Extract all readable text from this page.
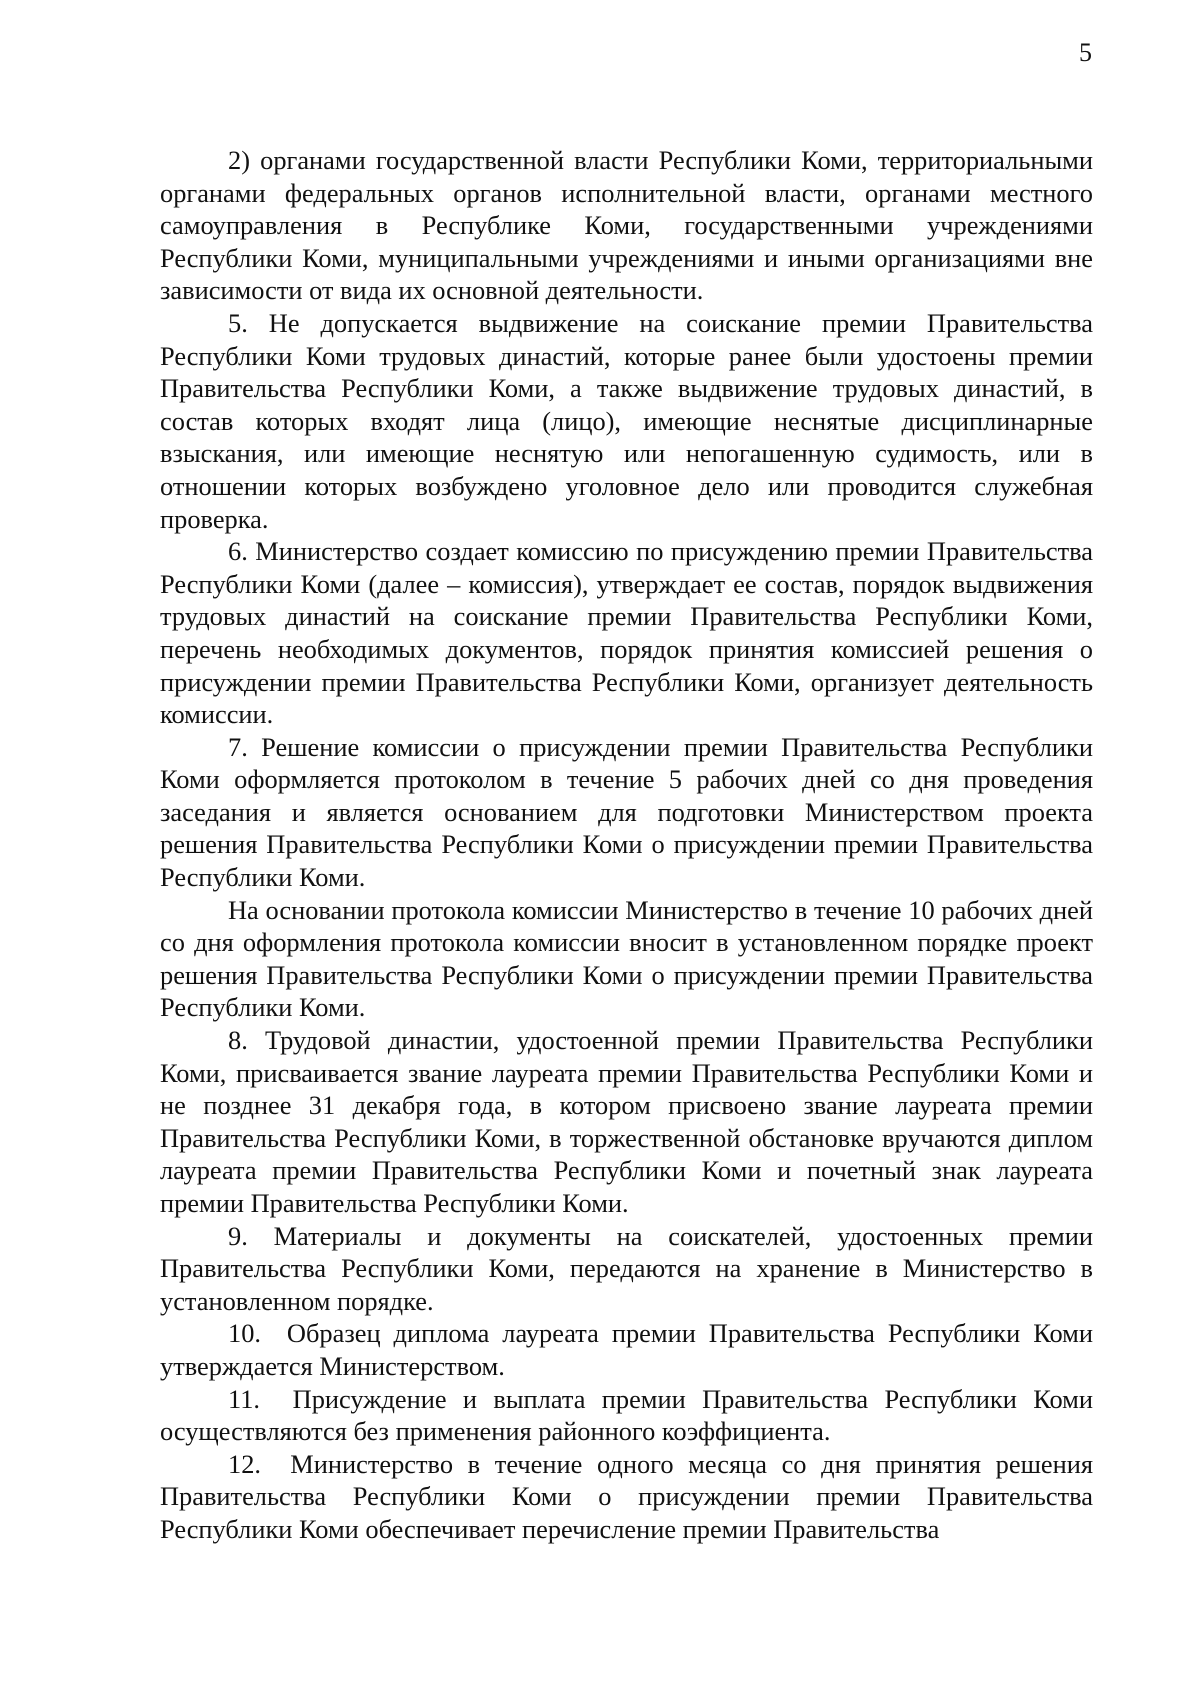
5

2) органами государственной власти Республики Коми, территориальными органами федеральных органов исполнительной власти, органами местного самоуправления в Республике Коми, государственными учреждениями Республики Коми, муниципальными учреждениями и иными организациями вне зависимости от вида их основной деятельности.

5. Не допускается выдвижение на соискание премии Правительства Республики Коми трудовых династий, которые ранее были удостоены премии Правительства Республики Коми, а также выдвижение трудовых династий, в состав которых входят лица (лицо), имеющие неснятые дисциплинарные взыскания, или имеющие неснятую или непогашенную судимость, или в отношении которых возбуждено уголовное дело или проводится служебная проверка.

6. Министерство создает комиссию по присуждению премии Правительства Республики Коми (далее – комиссия), утверждает ее состав, порядок выдвижения трудовых династий на соискание премии Правительства Республики Коми, перечень необходимых документов, порядок принятия комиссией решения о присуждении премии Правительства Республики Коми, организует деятельность комиссии.

7. Решение комиссии о присуждении премии Правительства Республики Коми оформляется протоколом в течение 5 рабочих дней со дня проведения заседания и является основанием для подготовки Министерством проекта решения Правительства Республики Коми о присуждении премии Правительства Республики Коми.

На основании протокола комиссии Министерство в течение 10 рабочих дней со дня оформления протокола комиссии вносит в установленном порядке проект решения Правительства Республики Коми о присуждении премии Правительства Республики Коми.

8. Трудовой династии, удостоенной премии Правительства Республики Коми, присваивается звание лауреата премии Правительства Республики Коми и не позднее 31 декабря года, в котором присвоено звание лауреата премии Правительства Республики Коми, в торжественной обстановке вручаются диплом лауреата премии Правительства Республики Коми и почетный знак лауреата премии Правительства Республики Коми.

9. Материалы и документы на соискателей, удостоенных премии Правительства Республики Коми, передаются на хранение в Министерство в установленном порядке.

10.  Образец диплома лауреата премии Правительства Республики Коми утверждается Министерством.

11.  Присуждение и выплата премии Правительства Республики Коми осуществляются без применения районного коэффициента.

12.  Министерство в течение одного месяца со дня принятия решения Правительства Республики Коми о присуждении премии Правительства Республики Коми обеспечивает перечисление премии Правительства
